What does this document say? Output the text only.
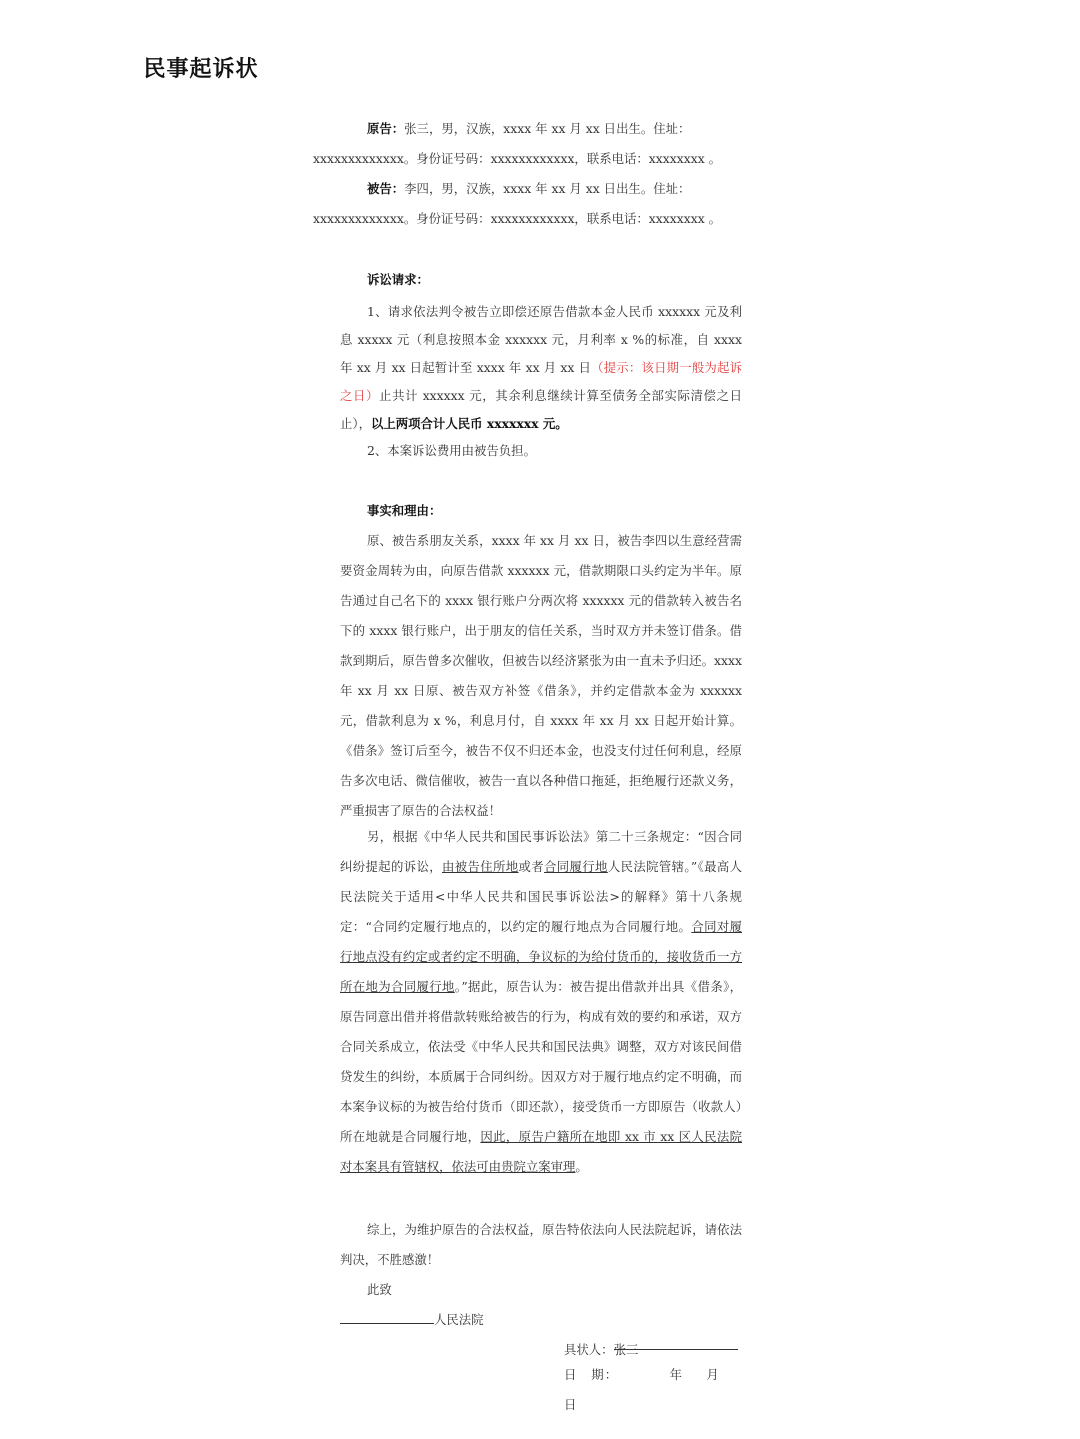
民事起诉状
原告：张三，男，汉族，xxxx 年 xx 月 xx 日出生。住址：
xxxxxxxxxxxxx。身份证号码：xxxxxxxxxxxx，联系电话：xxxxxxxx 。
被告：李四，男，汉族，xxxx 年 xx 月 xx 日出生。住址：
xxxxxxxxxxxxx。身份证号码：xxxxxxxxxxxx，联系电话：xxxxxxxx 。
诉讼请求：
1、请求依法判令被告立即偿还原告借款本金人民币 xxxxxx 元及利息 xxxxx 元（利息按照本金 xxxxxx 元，月利率 x %的标准，自 xxxx 年 xx 月 xx 日起暂计至 xxxx 年 xx 月 xx 日（提示：该日期一般为起诉之日）止共计 xxxxxx 元，其余利息继续计算至债务全部实际清偿之日止），以上两项合计人民币 xxxxxxx 元。
2、本案诉讼费用由被告负担。
事实和理由：
原、被告系朋友关系，xxxx 年 xx 月 xx 日，被告李四以生意经营需要资金周转为由，向原告借款 xxxxxx 元，借款期限口头约定为半年。原告通过自己名下的 xxxx 银行账户分两次将 xxxxxx 元的借款转入被告名下的 xxxx 银行账户，出于朋友的信任关系，当时双方并未签订借条。借款到期后，原告曾多次催收，但被告以经济紧张为由一直未予归还。xxxx 年 xx 月 xx 日原、被告双方补签《借条》，并约定借款本金为 xxxxxx 元，借款利息为 x %，利息月付，自 xxxx 年 xx 月 xx 日起开始计算。《借条》签订后至今，被告不仅不归还本金，也没支付过任何利息，经原告多次电话、微信催收，被告一直以各种借口拖延，拒绝履行还款义务，严重损害了原告的合法权益！
另，根据《中华人民共和国民事诉讼法》第二十三条规定：“因合同纠纷提起的诉讼，由被告住所地或者合同履行地人民法院管辖。”《最高人民法院关于适用<中华人民共和国民事诉讼法>的解释》第十八条规定：“合同约定履行地点的，以约定的履行地点为合同履行地。合同对履行地点没有约定或者约定不明确，争议标的为给付货币的，接收货币一方所在地为合同履行地。”据此，原告认为：被告提出借款并出具《借条》，原告同意出借并将借款转账给被告的行为，构成有效的要约和承诺，双方合同关系成立，依法受《中华人民共和国民法典》调整，双方对该民间借贷发生的纠纷，本质属于合同纠纷。因双方对于履行地点约定不明确，而本案争议标的为被告给付货币（即还款），接受货币一方即原告（收款人）所在地就是合同履行地，因此，原告户籍所在地即 xx 市 xx 区人民法院对本案具有管辖权，依法可由贵院立案审理。
综上，为维护原告的合法权益，原告特依法向人民法院起诉，请依法判决，不胜感激！
此致
人民法院
具状人：张三
日　期：	年 月日
